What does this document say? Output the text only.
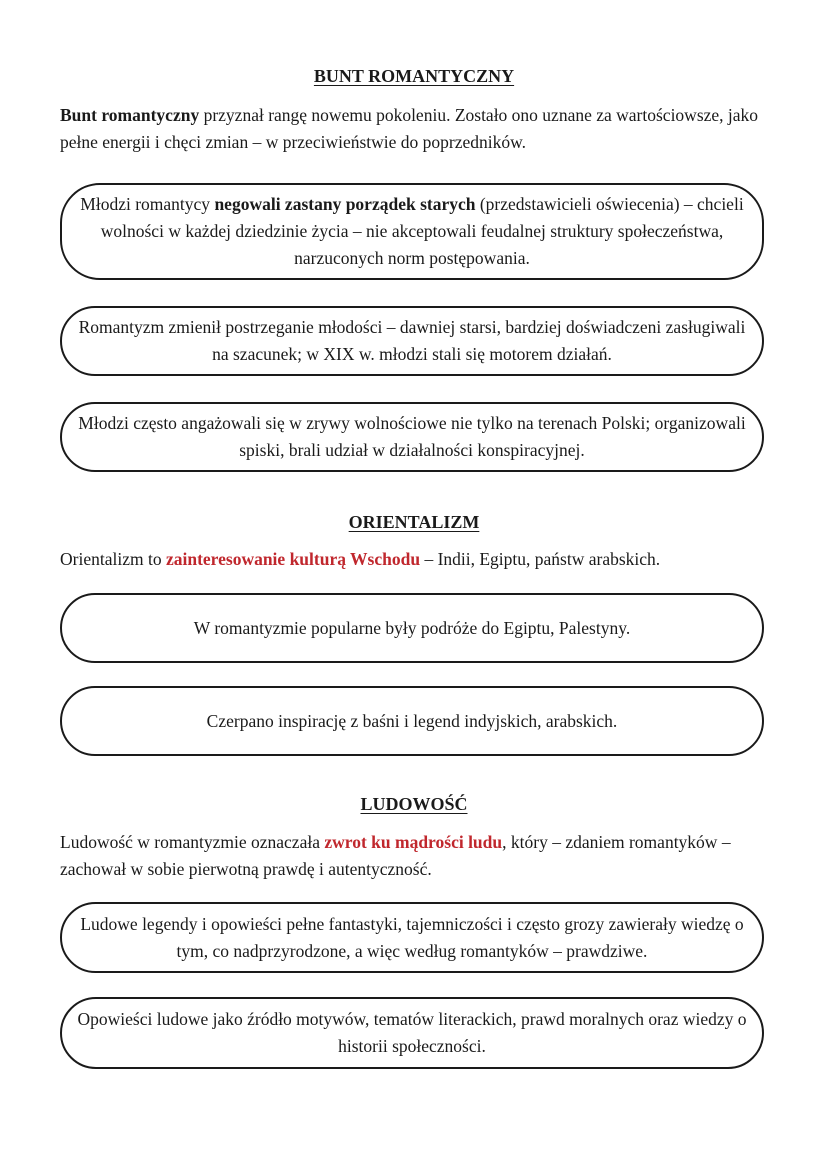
BUNT ROMANTYCZNY
Bunt romantyczny przyznał rangę nowemu pokoleniu. Zostało ono uznane za wartościowsze, jako pełne energii i chęci zmian – w przeciwieństwie do poprzedników.
Młodzi romantycy negowali zastany porządek starych (przedstawicieli oświecenia) – chcieli wolności w każdej dziedzinie życia – nie akceptowali feudalnej struktury społeczeństwa, narzuconych norm postępowania.
Romantyzm zmienił postrzeganie młodości – dawniej starsi, bardziej doświadczeni zasługiwali na szacunek; w XIX w. młodzi stali się motorem działań.
Młodzi często angażowali się w zrywy wolnościowe nie tylko na terenach Polski; organizowali spiski, brali udział w działalności konspiracyjnej.
ORIENTALIZM
Orientalizm to zainteresowanie kulturą Wschodu – Indii, Egiptu, państw arabskich.
W romantyzmie popularne były podróże do Egiptu, Palestyny.
Czerpano inspirację z baśni i legend indyjskich, arabskich.
LUDOWOŚĆ
Ludowość w romantyzmie oznaczała zwrot ku mądrości ludu, który – zdaniem romantyków – zachował w sobie pierwotną prawdę i autentyczność.
Ludowe legendy i opowieści pełne fantastyki, tajemniczości i często grozy zawierały wiedzę o tym, co nadprzyrodzone, a więc według romantyków – prawdziwe.
Opowieści ludowe jako źródło motywów, tematów literackich, prawd moralnych oraz wiedzy o historii społeczności.
